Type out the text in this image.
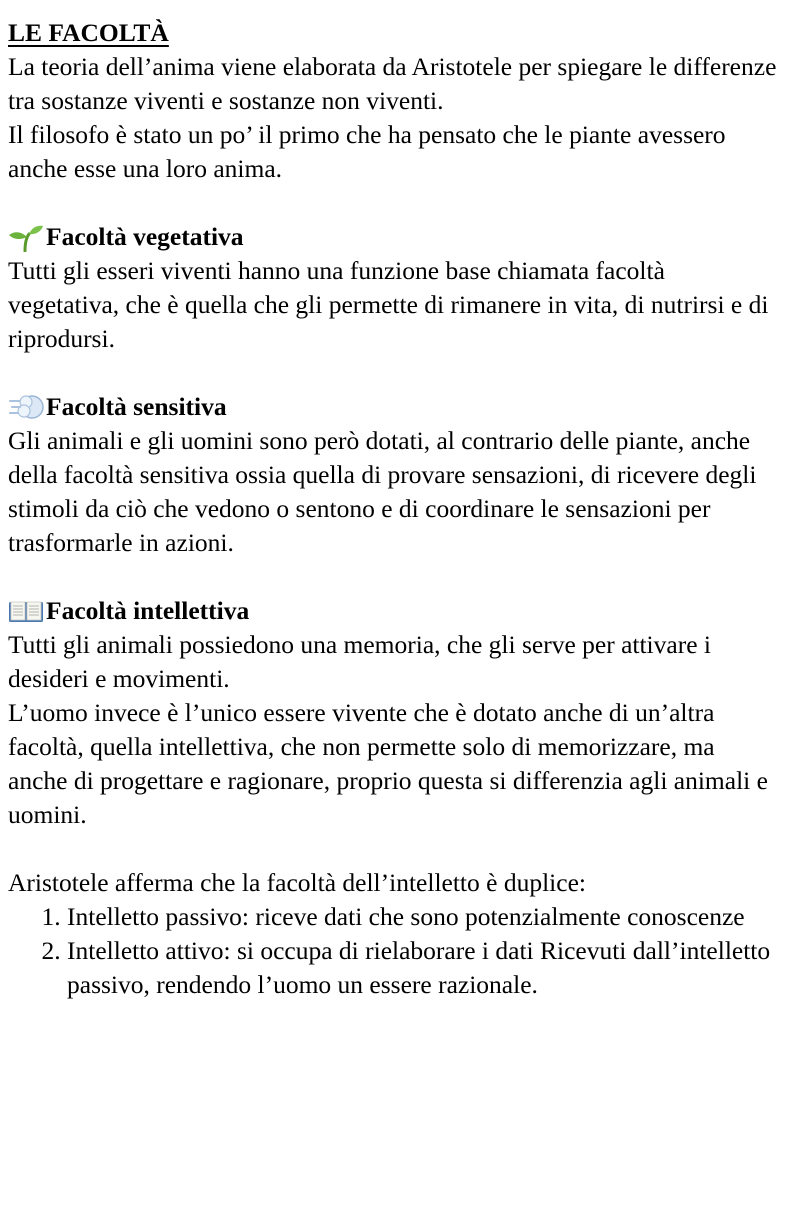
LE FACOLTÀ

La teoria dell’anima viene elaborata da Aristotele per spiegare le differenze tra sostanze viventi e sostanze non viventi.

Il filosofo è stato un po’ il primo che ha pensato che le piante avessero anche esse una loro anima.

Facoltà vegetativa

Tutti gli esseri viventi hanno una funzione base chiamata facoltà vegetativa, che è quella che gli permette di rimanere in vita, di nutrirsi e di riprodursi.

Facoltà sensitiva

Gli animali e gli uomini sono però dotati, al contrario delle piante, anche della facoltà sensitiva ossia quella di provare sensazioni, di ricevere degli stimoli da ciò che vedono o sentono e di coordinare le sensazioni per trasformarle in azioni.

Facoltà intellettiva

Tutti gli animali possiedono una memoria, che gli serve per attivare i desideri e movimenti.

L’uomo invece è l’unico essere vivente che è dotato anche di un’altra facoltà, quella intellettiva, che non permette solo di memorizzare, ma anche di progettare e ragionare, proprio questa si differenzia agli animali e uomini.

Aristotele afferma che la facoltà dell’intelletto è duplice:

1. Intelletto passivo: riceve dati che sono potenzialmente conoscenze
2. Intelletto attivo: si occupa di rielaborare i dati Ricevuti dall’intelletto passivo, rendendo l’uomo un essere razionale.
